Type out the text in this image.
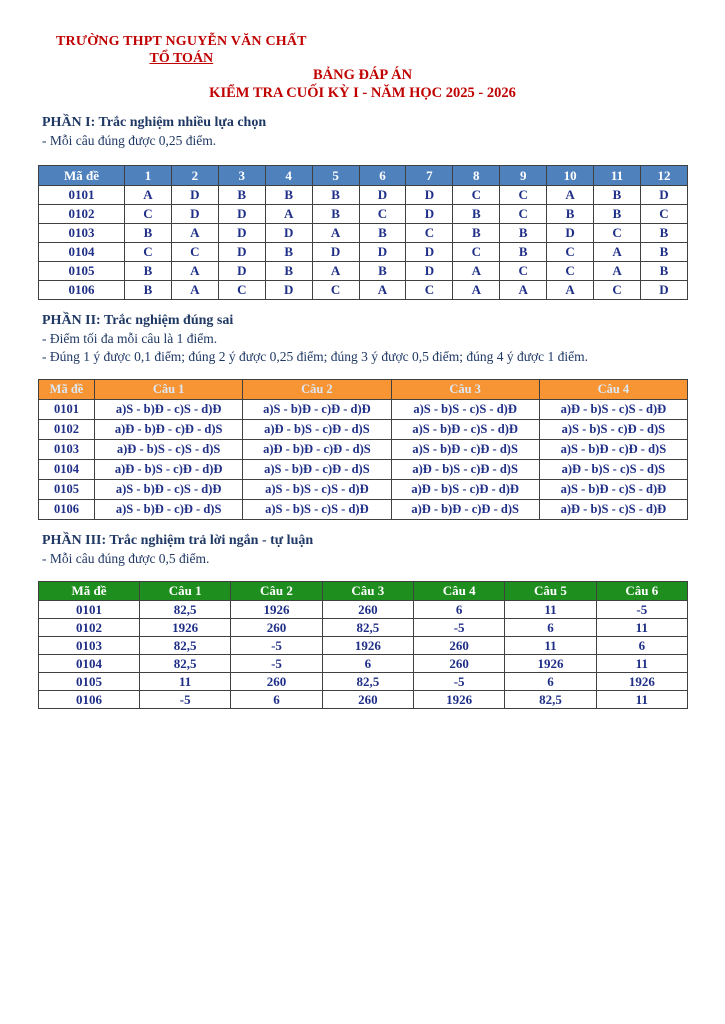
TRƯỜNG THPT NGUYỄN VĂN CHẤT
TỔ TOÁN
BẢNG ĐÁP ÁN
KIỂM TRA CUỐI KỲ I - NĂM HỌC 2025 - 2026
PHẦN I: Trắc nghiệm nhiều lựa chọn
- Mỗi câu đúng được 0,25 điểm.
Mã đề	1	2	3	4	5	6	7	8	9	10	11	12
0101	A	D	B	B	B	D	D	C	C	A	B	D
0102	C	D	D	A	B	C	D	B	C	B	B	C
0103	B	A	D	D	A	B	C	B	B	D	C	B
0104	C	C	D	B	D	D	D	C	B	C	A	B
0105	B	A	D	B	A	B	D	A	C	C	A	B
0106	B	A	C	D	C	A	C	A	A	A	C	D
PHẦN II: Trắc nghiệm đúng sai
- Điểm tối đa mỗi câu là 1 điểm.
- Đúng 1 ý được 0,1 điểm; đúng 2 ý được 0,25 điểm; đúng 3 ý được 0,5 điểm; đúng 4 ý được 1 điểm.
Mã đề	Câu 1	Câu 2	Câu 3	Câu 4
0101	a)S - b)Đ - c)S - d)Đ	a)S - b)Đ - c)Đ - d)Đ	a)S - b)S - c)S - d)Đ	a)Đ - b)S - c)S - d)Đ
0102	a)Đ - b)Đ - c)Đ - d)S	a)Đ - b)S - c)Đ - d)S	a)S - b)Đ - c)S - d)Đ	a)S - b)S - c)Đ - d)S
0103	a)Đ - b)S - c)S - d)S	a)Đ - b)Đ - c)Đ - d)S	a)S - b)Đ - c)Đ - d)S	a)S - b)Đ - c)Đ - d)S
0104	a)Đ - b)S - c)Đ - d)Đ	a)S - b)Đ - c)Đ - d)S	a)Đ - b)S - c)Đ - d)S	a)Đ - b)S - c)S - d)S
0105	a)S - b)Đ - c)S - d)Đ	a)S - b)S - c)S - d)Đ	a)Đ - b)S - c)Đ - d)Đ	a)S - b)Đ - c)S - d)Đ
0106	a)S - b)Đ - c)Đ - d)S	a)S - b)S - c)S - d)Đ	a)Đ - b)Đ - c)Đ - d)S	a)Đ - b)S - c)S - d)Đ
PHẦN III: Trắc nghiệm trả lời ngắn - tự luận
- Mỗi câu đúng được 0,5 điểm.
Mã đề	Câu 1	Câu 2	Câu 3	Câu 4	Câu 5	Câu 6
0101	82,5	1926	260	6	11	-5
0102	1926	260	82,5	-5	6	11
0103	82,5	-5	1926	260	11	6
0104	82,5	-5	6	260	1926	11
0105	11	260	82,5	-5	6	1926
0106	-5	6	260	1926	82,5	11
